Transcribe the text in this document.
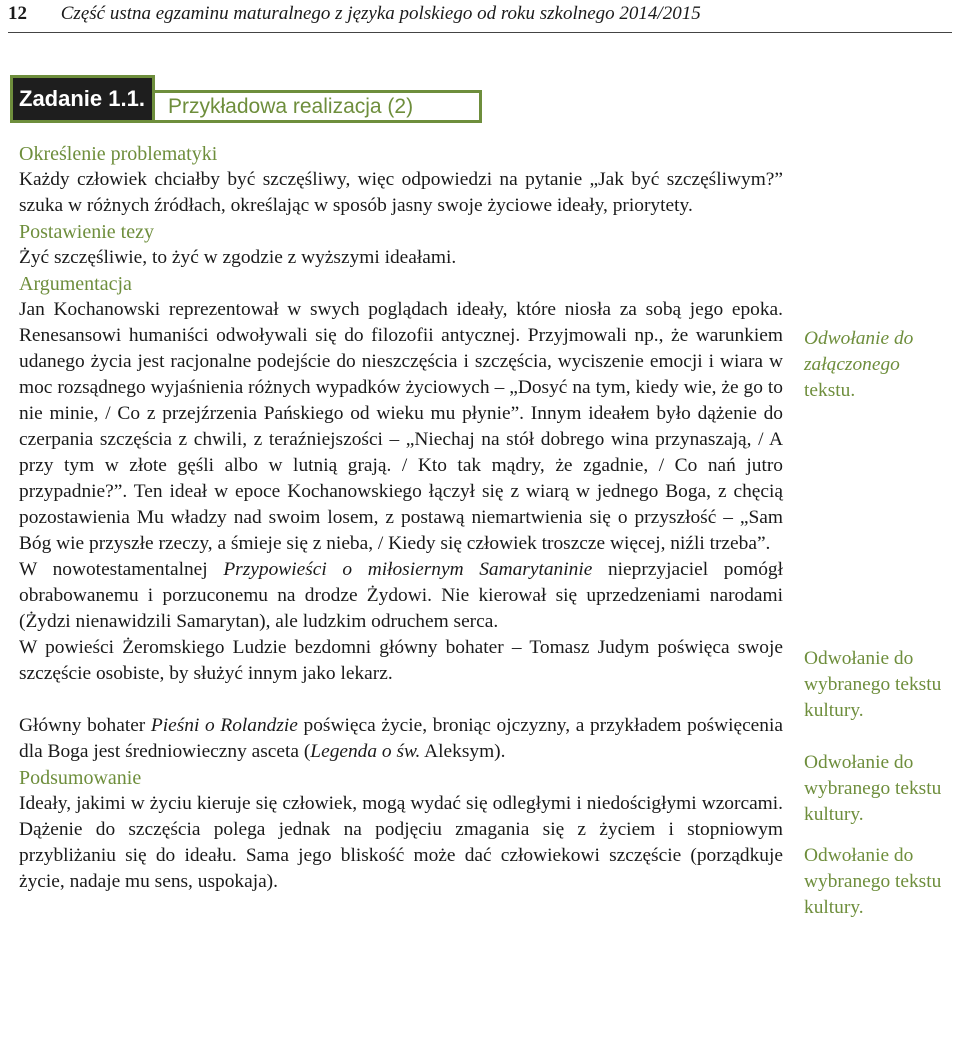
12 Część ustna egzaminu maturalnego z języka polskiego od roku szkolnego 2014/2015
Zadanie 1.1.	Przykładowa realizacja (2)
Określenie problematyki

Każdy człowiek chciałby być szczęśliwy, więc odpowiedzi na pytanie „Jak być szczęśliwym?” szuka w różnych źródłach, określając w sposób jasny swoje życiowe ideały, priorytety.

Postawienie tezy

Żyć szczęśliwie, to żyć w zgodzie z wyższymi ideałami.

Argumentacja

Jan Kochanowski reprezentował w swych poglądach ideały, które niosła za sobą jego epoka. Renesansowi humaniści odwoływali się do filozofii antycznej. Przyjmowali np., że warunkiem udanego życia jest racjonalne podejście do nieszczęścia i szczęścia, wyciszenie emocji i wiara w moc rozsądnego wyjaśnienia różnych wypadków życiowych – „Dosyć na tym, kiedy wie, że go to nie minie, / Co z przejźrzenia Pańskiego od wieku mu płynie”. Innym ideałem było dążenie do czerpania szczęścia z chwili, z teraźniejszości – „Niechaj na stół dobrego wina przynaszają, / A przy tym w złote gęśli albo w lutnią grają. / Kto tak mądry, że zgadnie, / Co nań jutro przypadnie?”. Ten ideał w epoce Kochanowskiego łączył się z wiarą w jednego Boga, z chęcią pozostawienia Mu władzy nad swoim losem, z postawą niemartwienia się o przyszłość – „Sam Bóg wie przyszłe rzeczy, a śmieje się z nieba, / Kiedy się człowiek troszcze więcej, niźli trzeba”.

W nowotestamentalnej Przypowieści o miłosiernym Samarytaninie nieprzyjaciel pomógł obrabowanemu i porzuconemu na drodze Żydowi. Nie kierował się uprzedzeniami narodami (Żydzi nienawidzili Samarytan), ale ludzkim odruchem serca.

W powieści Żeromskiego Ludzie bezdomni główny bohater – Tomasz Judym poświęca swoje szczęście osobiste, by służyć innym jako lekarz.

Główny bohater Pieśni o Rolandzie poświęca życie, broniąc ojczyzny, a przykładem poświęcenia dla Boga jest średniowieczny asceta (Legenda o św. Aleksym).

Podsumowanie

Ideały, jakimi w życiu kieruje się człowiek, mogą wydać się odległymi i niedościgłymi wzorcami. Dążenie do szczęścia polega jednak na podjęciu zmagania się z życiem i stopniowym przybliżaniu się do ideału. Sama jego bliskość może dać człowiekowi szczęście (porządkuje życie, nadaje mu sens, uspokaja).

Odwołanie do
załączonego
tekstu.
Odwołanie do wybranego tekstu kultury.
Odwołanie do wybranego tekstu kultury.
Odwołanie do wybranego tekstu kultury.
